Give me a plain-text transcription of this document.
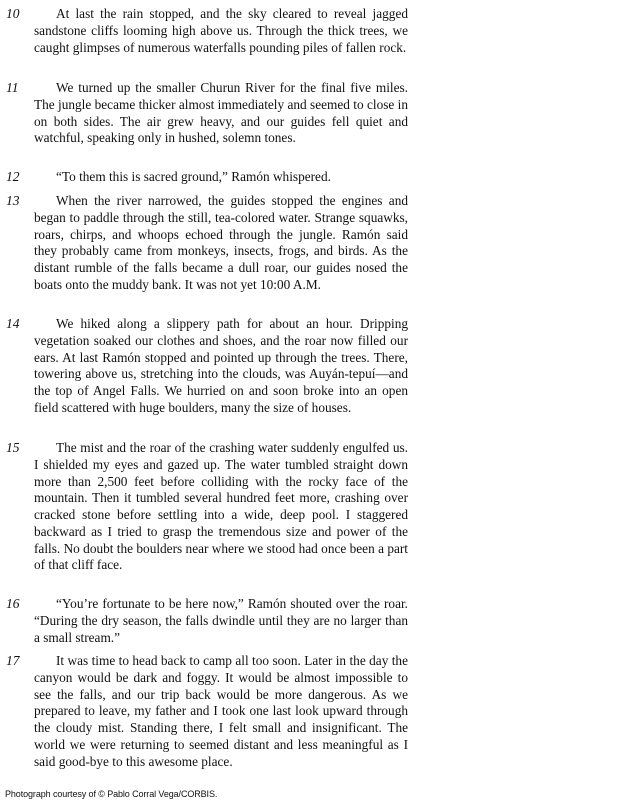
10	At last the rain stopped, and the sky cleared to reveal jagged sandstone cliffs looming high above us. Through the thick trees, we caught glimpses of numerous waterfalls pounding piles of fallen rock.

11	We turned up the smaller Churun River for the final five miles. The jungle became thicker almost immediately and seemed to close in on both sides. The air grew heavy, and our guides fell quiet and watchful, speaking only in hushed, solemn tones.

12	“To them this is sacred ground,” Ramón whispered.

13	When the river narrowed, the guides stopped the engines and began to paddle through the still, tea-colored water. Strange squawks, roars, chirps, and whoops echoed through the jungle. Ramón said they probably came from monkeys, insects, frogs, and birds. As the distant rumble of the falls became a dull roar, our guides nosed the boats onto the muddy bank. It was not yet 10:00 A.M.

14	We hiked along a slippery path for about an hour. Dripping vegetation soaked our clothes and shoes, and the roar now filled our ears. At last Ramón stopped and pointed up through the trees. There, towering above us, stretching into the clouds, was Auyán-tepuí—and the top of Angel Falls. We hurried on and soon broke into an open field scattered with huge boulders, many the size of houses.

15	The mist and the roar of the crashing water suddenly engulfed us. I shielded my eyes and gazed up. The water tumbled straight down more than 2,500 feet before colliding with the rocky face of the mountain. Then it tumbled several hundred feet more, crashing over cracked stone before settling into a wide, deep pool. I staggered backward as I tried to grasp the tremendous size and power of the falls. No doubt the boulders near where we stood had once been a part of that cliff face.

16	“You’re fortunate to be here now,” Ramón shouted over the roar. “During the dry season, the falls dwindle until they are no larger than a small stream.”

17	It was time to head back to camp all too soon. Later in the day the canyon would be dark and foggy. It would be almost impossible to see the falls, and our trip back would be more dangerous. As we prepared to leave, my father and I took one last look upward through the cloudy mist. Standing there, I felt small and insignificant. The world we were returning to seemed distant and less meaningful as I said good-bye to this awesome place.

Photograph courtesy of © Pablo Corral Vega/CORBIS.
